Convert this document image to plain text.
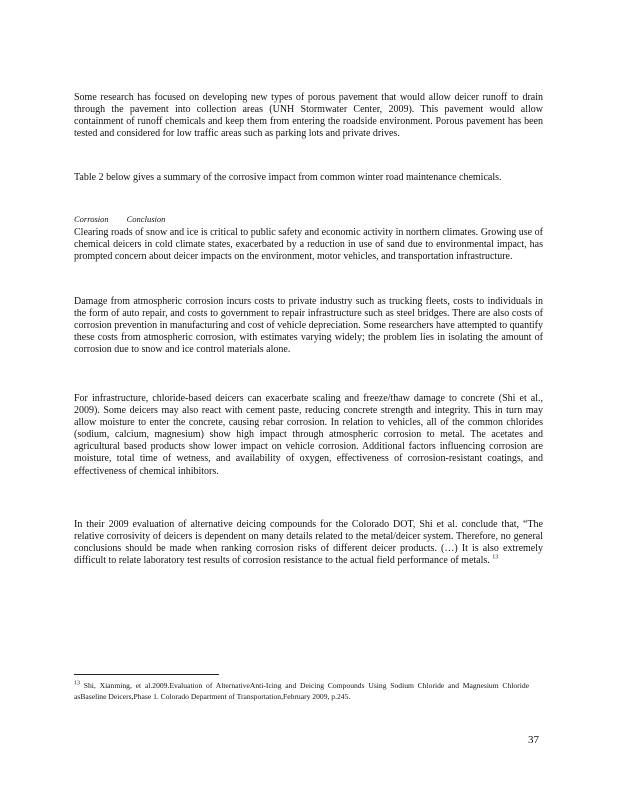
Some research has focused on developing new types of porous pavement that would allow deicer runoff to drain through the pavement into collection areas (UNH Stormwater Center, 2009). This pavement would allow containment of runoff chemicals and keep them from entering the roadside environment. Porous pavement has been tested and considered for low traffic areas such as parking lots and private drives.

Table 2 below gives a summary of the corrosive impact from common winter road maintenance chemicals.

Corrosion Conclusion

Clearing roads of snow and ice is critical to public safety and economic activity in northern climates. Growing use of chemical deicers in cold climate states, exacerbated by a reduction in use of sand due to environmental impact, has prompted concern about deicer impacts on the environment, motor vehicles, and transportation infrastructure.

Damage from atmospheric corrosion incurs costs to private industry such as trucking fleets, costs to individuals in the form of auto repair, and costs to government to repair infrastructure such as steel bridges. There are also costs of corrosion prevention in manufacturing and cost of vehicle depreciation. Some researchers have attempted to quantify these costs from atmospheric corrosion, with estimates varying widely; the problem lies in isolating the amount of corrosion due to snow and ice control materials alone.

For infrastructure, chloride-based deicers can exacerbate scaling and freeze/thaw damage to concrete (Shi et al., 2009). Some deicers may also react with cement paste, reducing concrete strength and integrity. This in turn may allow moisture to enter the concrete, causing rebar corrosion. In relation to vehicles, all of the common chlorides (sodium, calcium, magnesium) show high impact through atmospheric corrosion to metal. The acetates and agricultural based products show lower impact on vehicle corrosion. Additional factors influencing corrosion are moisture, total time of wetness, and availability of oxygen, effectiveness of corrosion-resistant coatings, and effectiveness of chemical inhibitors.

In their 2009 evaluation of alternative deicing compounds for the Colorado DOT, Shi et al. conclude that, “The relative corrosivity of deicers is dependent on many details related to the metal/deicer system. Therefore, no general conclusions should be made when ranking corrosion risks of different deicer products. (…) It is also extremely difficult to relate laboratory test results of corrosion resistance to the actual field performance of metals. $^{13}$

$^{13}$ Shi, Xianming, et al.2009.Evaluation of AlternativeAnti-Icing and Deicing Compounds Using Sodium Chloride and Magnesium Chloride asBaseline Deicers,Phase 1. Colorado Department of Transportation,February 2009, p.245.

37
